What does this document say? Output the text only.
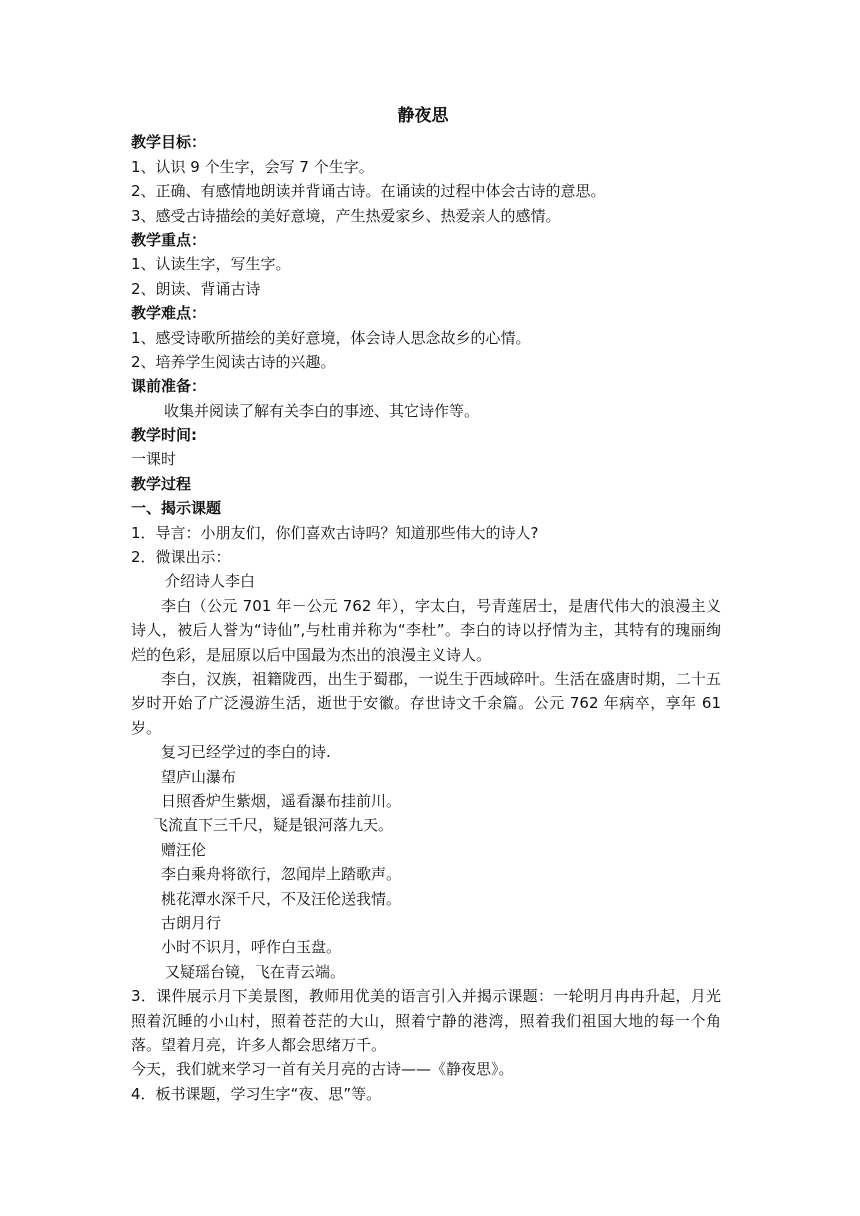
静夜思
教学目标：
1、认识 9 个生字，会写 7 个生字。
2、正确、有感情地朗读并背诵古诗。在诵读的过程中体会古诗的意思。
3、感受古诗描绘的美好意境，产生热爱家乡、热爱亲人的感情。
教学重点：
1、认读生字，写生字。
2、朗读、背诵古诗
教学难点：
1、感受诗歌所描绘的美好意境，体会诗人思念故乡的心情。
2、培养学生阅读古诗的兴趣。
课前准备：
收集并阅读了解有关李白的事迹、其它诗作等。
教学时间:
一课时
教学过程
一、揭示课题
1．导言：小朋友们，你们喜欢古诗吗？知道那些伟大的诗人?
2．微课出示：
介绍诗人李白
李白（公元 701 年－公元 762 年），字太白，号青莲居士，是唐代伟大的浪漫主义诗人，被后人誉为“诗仙”,与杜甫并称为“李杜”。李白的诗以抒情为主，其特有的瑰丽绚烂的色彩，是屈原以后中国最为杰出的浪漫主义诗人。
李白，汉族，祖籍陇西，出生于蜀郡，一说生于西域碎叶。生活在盛唐时期，二十五岁时开始了广泛漫游生活，逝世于安徽。存世诗文千余篇。公元 762 年病卒，享年 61 岁。
复习已经学过的李白的诗.
望庐山瀑布
日照香炉生紫烟，遥看瀑布挂前川。
飞流直下三千尺，疑是银河落九天。
赠汪伦
李白乘舟将欲行，忽闻岸上踏歌声。
桃花潭水深千尺，不及汪伦送我情。
古朗月行
小时不识月，呼作白玉盘。
又疑瑶台镜，飞在青云端。
3．课件展示月下美景图，教师用优美的语言引入并揭示课题：一轮明月冉冉升起，月光照着沉睡的小山村，照着苍茫的大山，照着宁静的港湾，照着我们祖国大地的每一个角落。望着月亮，许多人都会思绪万千。
今天，我们就来学习一首有关月亮的古诗——《静夜思》。
4．板书课题，学习生字“夜、思”等。
